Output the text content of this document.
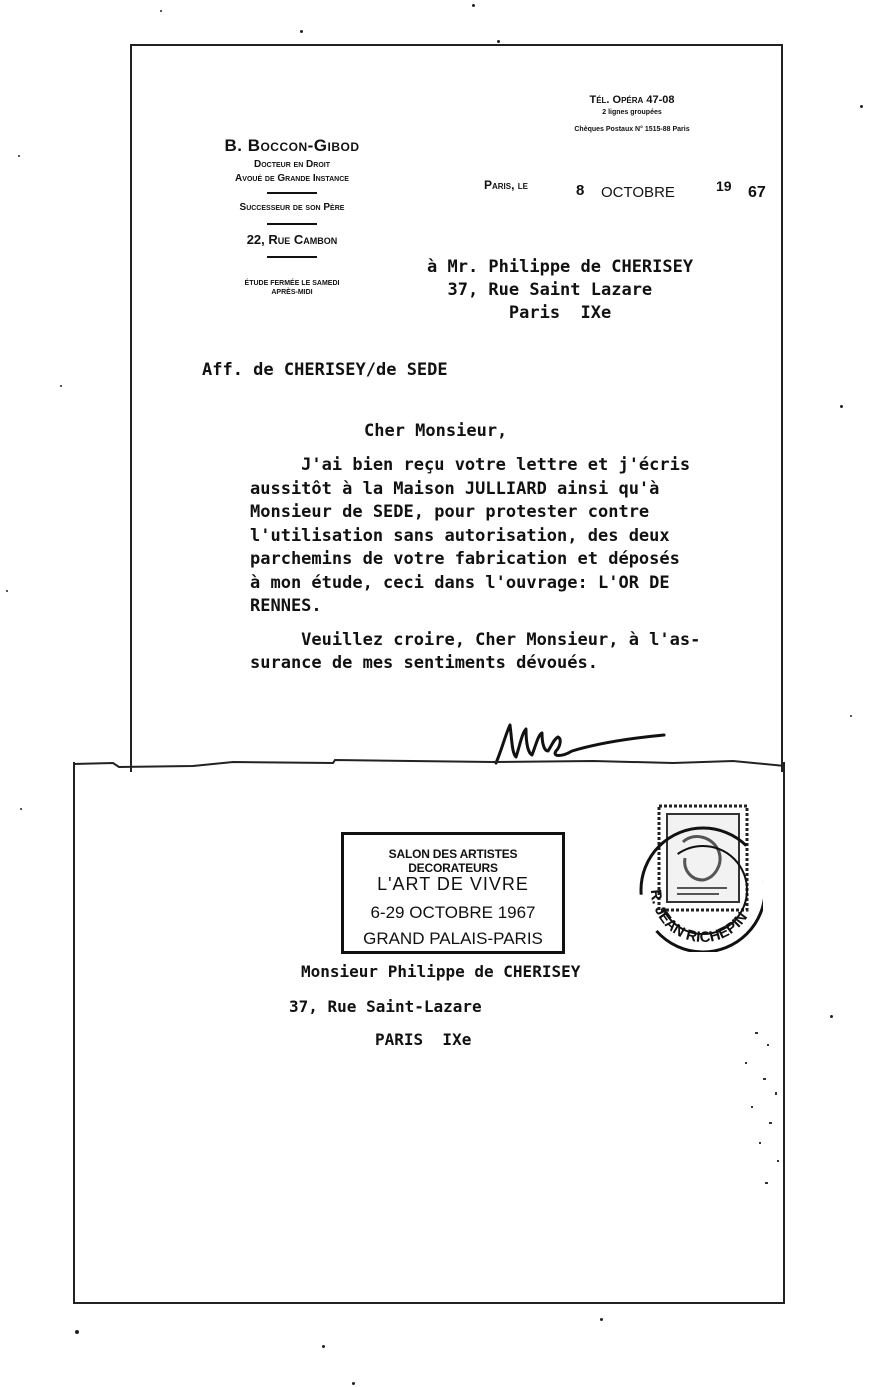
B. Boccon-Gibod
Docteur en Droit
Avoué de Grande Instance
Successeur de son Père
22, Rue Cambon
ÉTUDE FERMÉE LE SAMEDI
APRÈS-MIDI
Tél. Opéra 47-08
2 lignes groupées
Chèques Postaux N° 1515-88 Paris
Paris, le	8 OCTOBRE	19 67
à Mr. Philippe de CHERISEY
37, Rue Saint Lazare
Paris  IXe
Aff. de CHERISEY/de SEDE
Cher Monsieur,
J'ai bien reçu votre lettre et j'écris
aussitôt à la Maison JULLIARD ainsi qu'à
Monsieur de SEDE, pour protester contre
l'utilisation sans autorisation, des deux
parchemins de votre fabrication et déposés
à mon étude, ceci dans l'ouvrage: L'OR DE
RENNES.
Veuillez croire, Cher Monsieur, à l'as-
surance de mes sentiments dévoués.
SALON DES ARTISTES DECORATEURS
L'ART DE VIVRE
6-29 OCTOBRE 1967
GRAND PALAIS-PARIS
R. JEAN RICHEPIN
Monsieur Philippe de CHERISEY
37, Rue Saint-Lazare
PARIS  IXe
